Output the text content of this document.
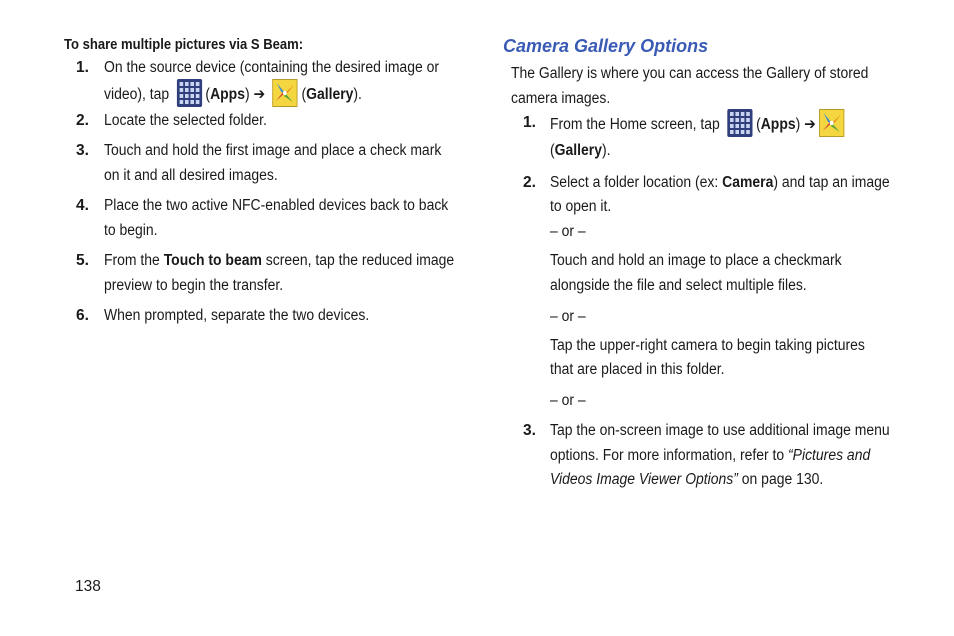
To share multiple pictures via S Beam:
1. On the source device (containing the desired image or
video), tap
(Apps) ➔ (Gallery).
2. Locate the selected folder.
3. Touch and hold the first image and place a check mark
on it and all desired images.
4. Place the two active NFC-enabled devices back to back
to begin.
5. From the Touch to beam screen, tap the reduced image
preview to begin the transfer.
6. When prompted, separate the two devices.
Camera Gallery Options
The Gallery is where you can access the Gallery of stored
camera images.
1. From the Home screen, tap
(Apps) ➔
(Gallery).
2. Select a folder location (ex: Camera) and tap an image
to open it.
– or –
Touch and hold an image to place a checkmark
alongside the file and select multiple files.
– or –
Tap the upper-right camera to begin taking pictures
that are placed in this folder.
– or –
3. Tap the on-screen image to use additional image menu
options. For more information, refer to “Pictures and
Videos Image Viewer Options” on page 130.
138
